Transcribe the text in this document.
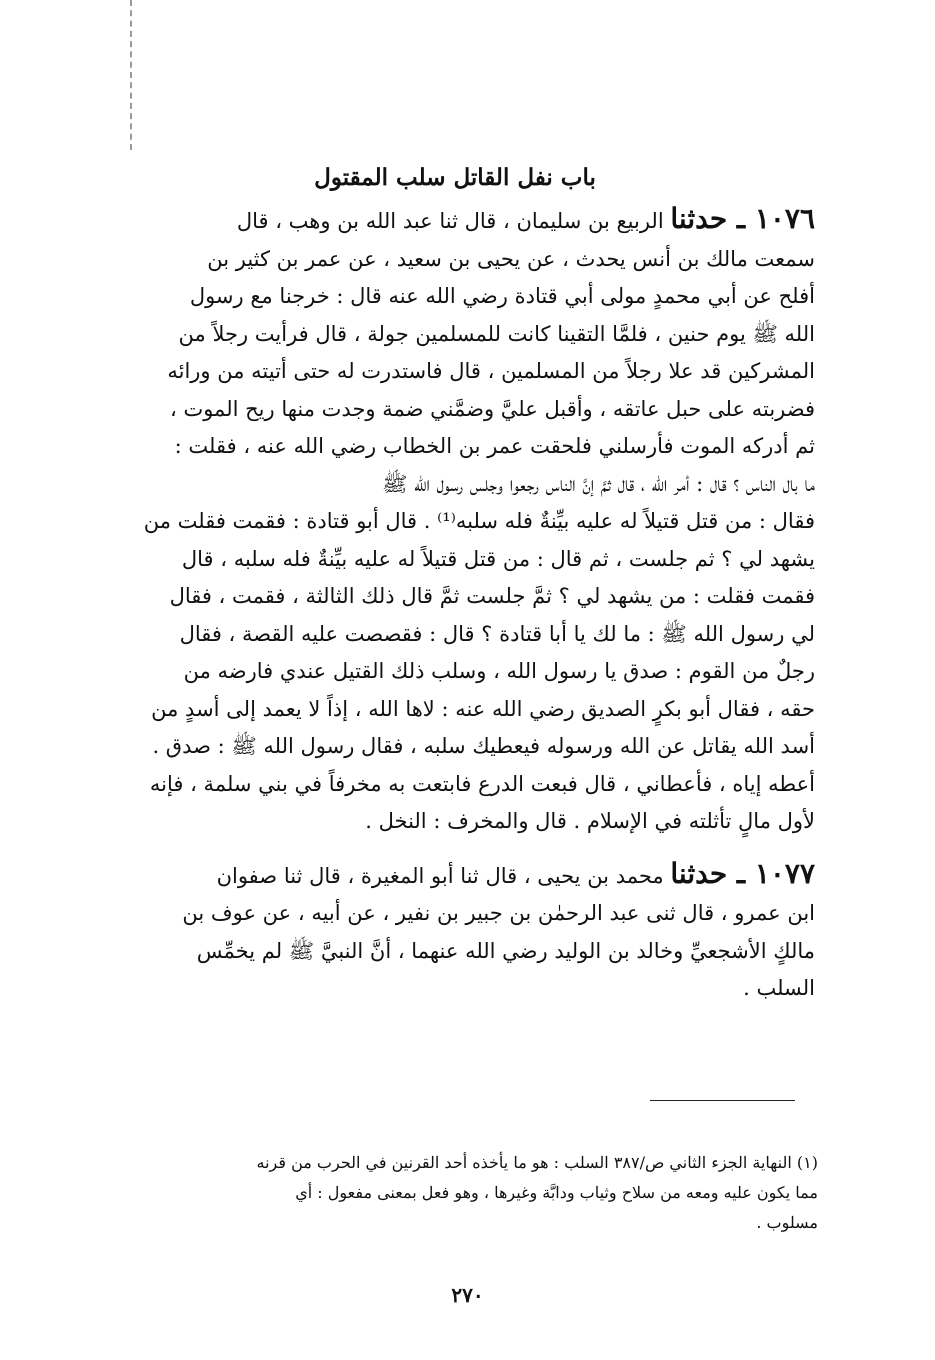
باب نفل القاتل سلب المقتول

١٠٧٦ ـ حدثنا الربيع بن سليمان ، قال ثنا عبد الله بن وهب ، قال

سمعت مالك بن أنس يحدث ، عن يحيى بن سعيد ، عن عمر بن كثير بن

أفلح عن أبي محمدٍ مولى أبي قتادة رضي الله عنه قال : خرجنا مع رسول

الله ﷺ يوم حنين ، فلمَّا التقينا كانت للمسلمين جولة ، قال فرأيت رجلاً من

المشركين قد علا رجلاً من المسلمين ، قال فاستدرت له حتى أتيته من ورائه

فضربته على حبل عاتقه ، وأقبل عليَّ وضمَّني ضمة وجدت منها ريح الموت ،

ثم أدركه الموت فأرسلني فلحقت عمر بن الخطاب رضي الله عنه ، فقلت :

ما بال الناس ؟ قال : أمر الله ، قال ثمَّ إنَّ الناس رجعوا وجلس رسول الله ﷺ

فقال : من قتل قتيلاً له عليه بيِّنةٌ فله سلبه⁽¹⁾ . قال أبو قتادة : فقمت فقلت من

يشهد لي ؟ ثم جلست ، ثم قال : من قتل قتيلاً له عليه بيِّنةٌ فله سلبه ، قال

فقمت فقلت : من يشهد لي ؟ ثمَّ جلست ثمَّ قال ذلك الثالثة ، فقمت ، فقال

لي رسول الله ﷺ : ما لك يا أبا قتادة ؟ قال : فقصصت عليه القصة ، فقال

رجلٌ من القوم : صدق يا رسول الله ، وسلب ذلك القتيل عندي فارضه من

حقه ، فقال أبو بكرٍ الصديق رضي الله عنه : لاها الله ، إذاً لا يعمد إلى أسدٍ من

أسد الله يقاتل عن الله ورسوله فيعطيك سلبه ، فقال رسول الله ﷺ : صدق .

أعطه إياه ، فأعطاني ، قال فبعت الدرع فابتعت به مخرفاً في بني سلمة ، فإنه

لأول مالٍ تأثلته في الإسلام . قال والمخرف : النخل .

١٠٧٧ ـ حدثنا محمد بن يحيى ، قال ثنا أبو المغيرة ، قال ثنا صفوان

ابن عمرو ، قال ثنى عبد الرحمٰن بن جبير بن نفير ، عن أبيه ، عن عوف بن

مالكٍ الأشجعيِّ وخالد بن الوليد رضي الله عنهما ، أنَّ النبيَّ ﷺ لم يخمِّس

السلب .

(١) النهاية الجزء الثاني ص/٣٨٧ السلب : هو ما يأخذه أحد القرنين في الحرب من قرنه

مما يكون عليه ومعه من سلاح وثياب ودابَّة وغيرها ، وهو فعل بمعنى مفعول : أي

مسلوب .

٢٧٠
